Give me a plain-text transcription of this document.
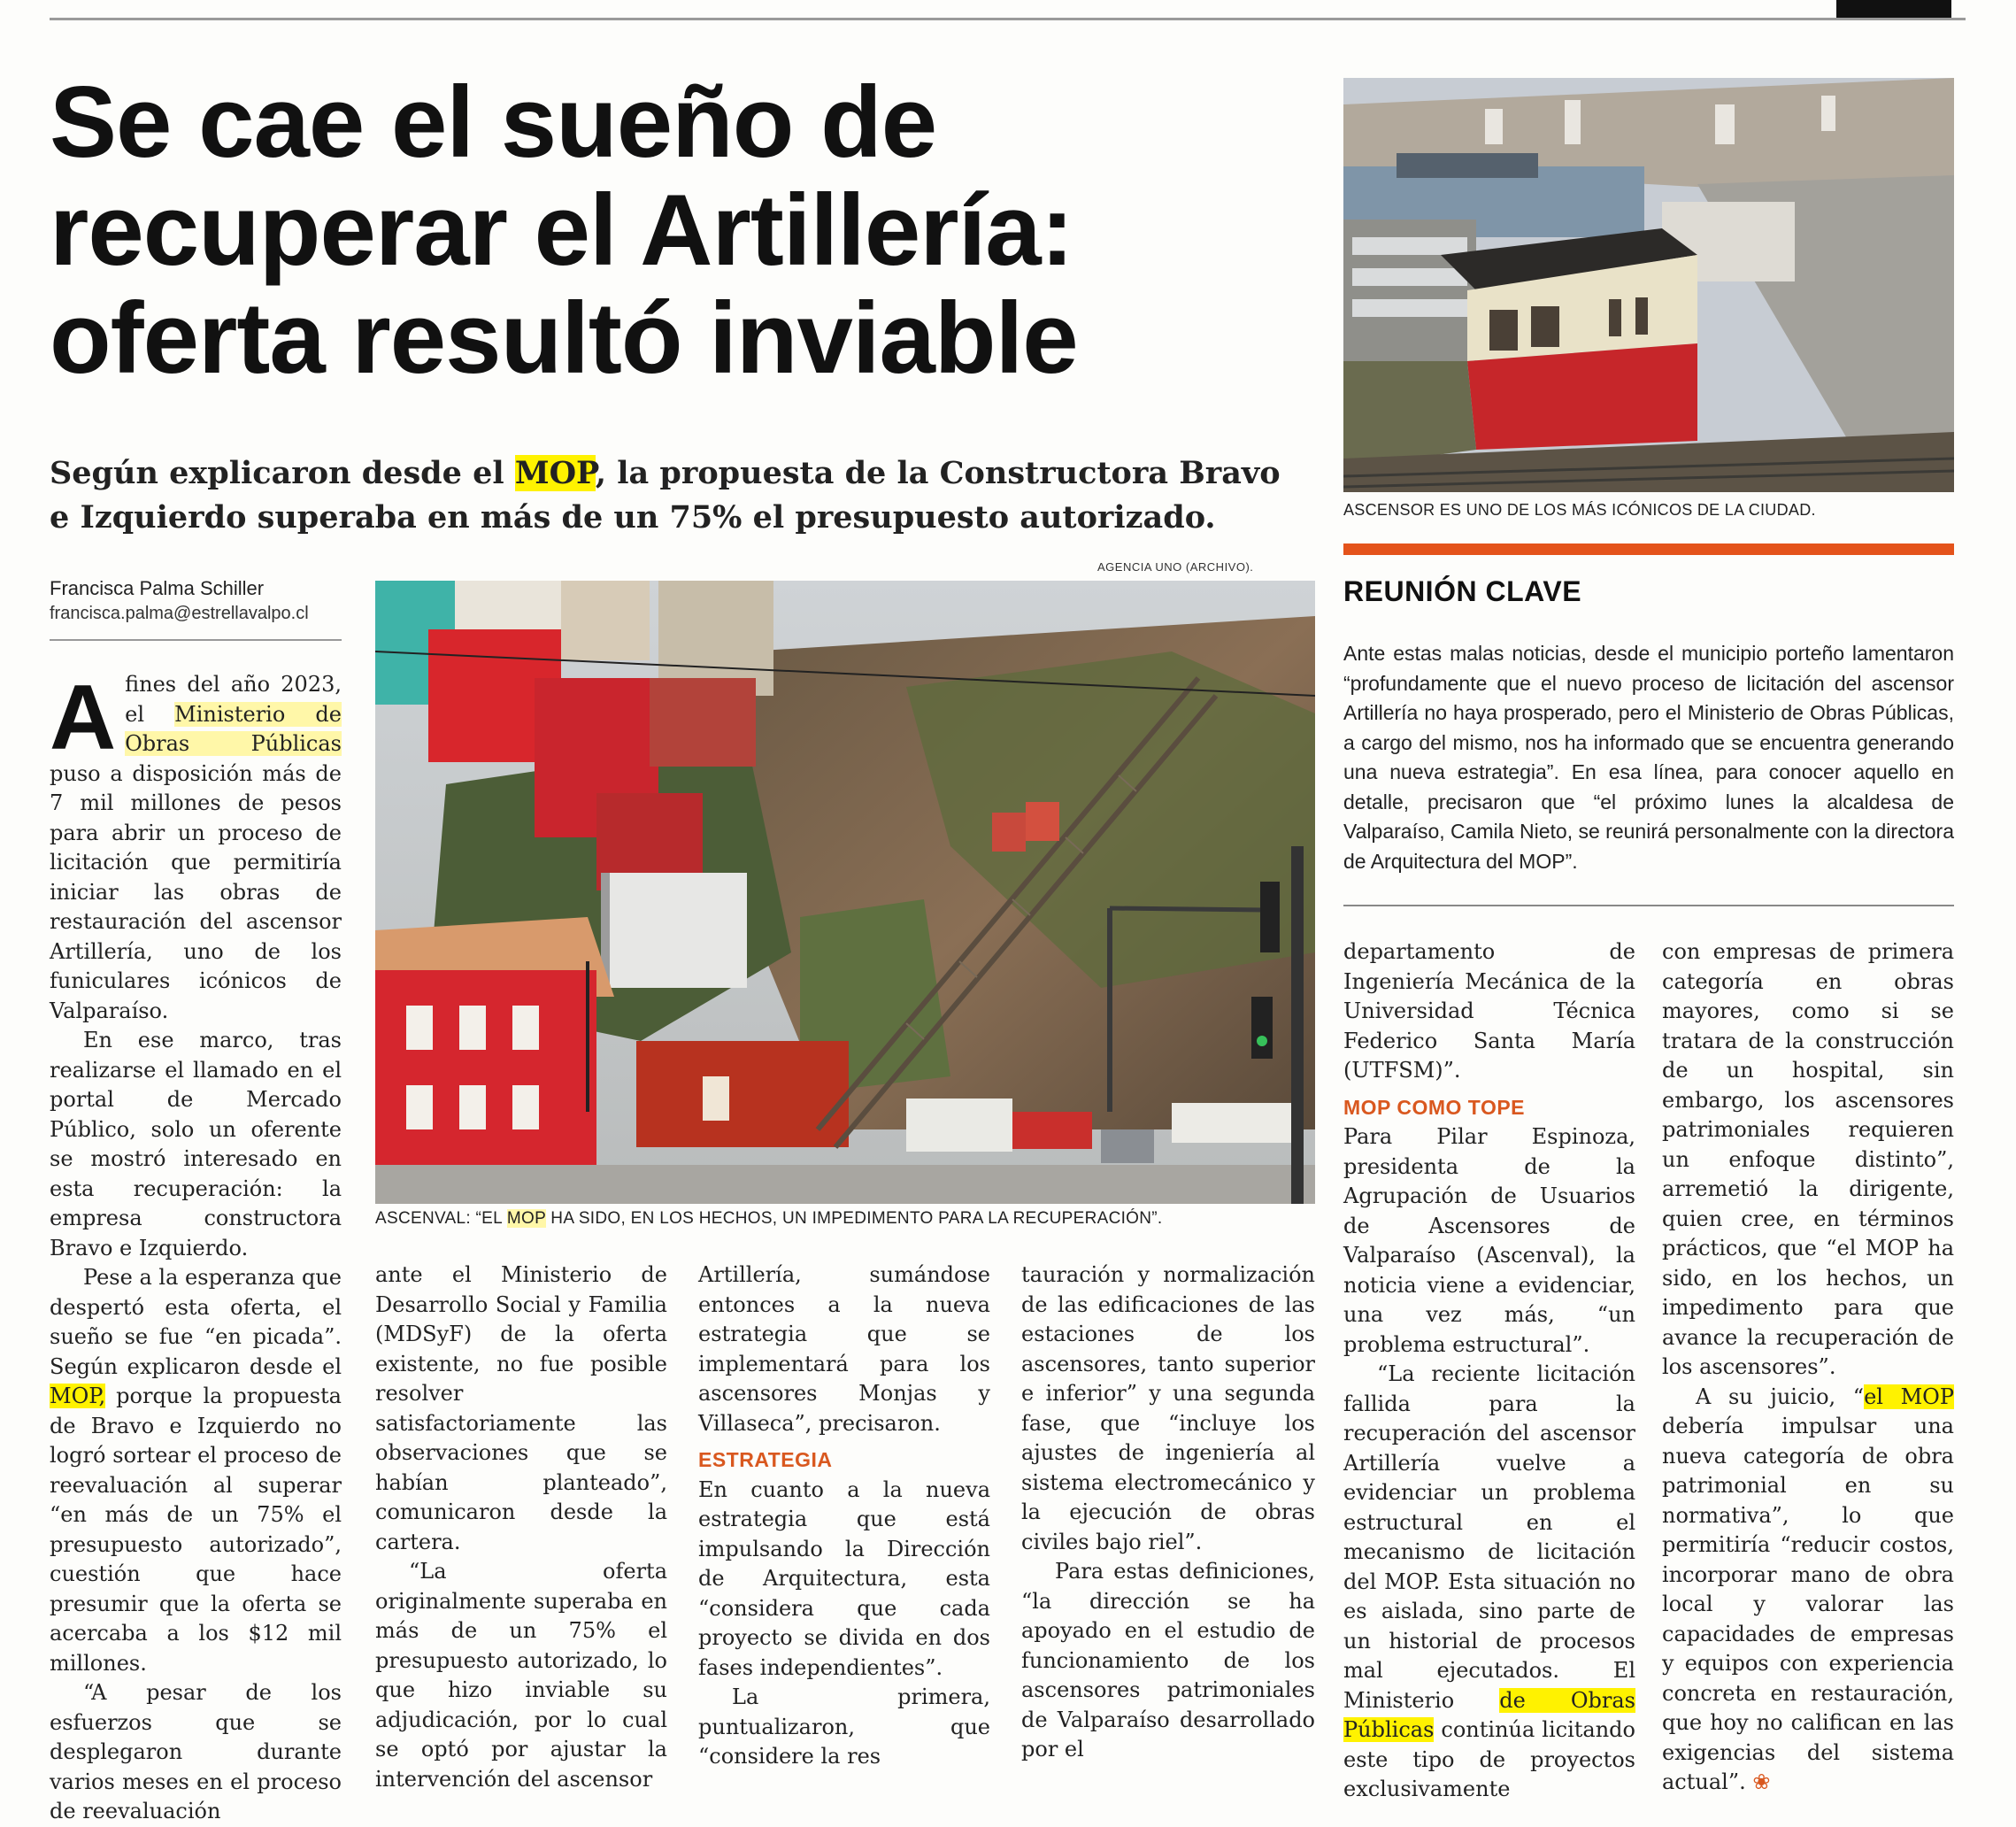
Se cae el sueño de
recuperar el Artillería:
oferta resultó inviable

Según explicaron desde el MOP, la propuesta de la Constructora Bravo e Izquierdo superaba en más de un 75% el presupuesto autorizado.

Francisca Palma Schiller
francisca.palma@estrellavalpo.cl
AGENCIA UNO (ARCHIVO).
ASCENVAL: “EL MOP HA SIDO, EN LOS HECHOS, UN IMPEDIMENTO PARA LA RECUPERACIÓN”.
ASCENSOR ES UNO DE LOS MÁS ICÓNICOS DE LA CIUDAD.
REUNIÓN CLAVE

Ante estas malas noticias, desde el municipio porteño lamentaron “profundamente que el nuevo proceso de licitación del ascensor Artillería no haya prosperado, pero el Ministerio de Obras Públicas, a cargo del mismo, nos ha informado que se encuentra generando una nueva estrategia”. En esa línea, para conocer aquello en detalle, precisaron que “el próximo lunes la alcaldesa de Valparaíso, Camila Nieto, se reunirá personalmente con la directora de Arquitectura del MOP”.

Afines del año 2023, el Ministerio de Obras Públicas puso a disposición más de 7 mil millones de pesos para abrir un proceso de licitación que permitiría iniciar las obras de restauración del ascensor Artillería, uno de los funiculares icónicos de Valparaíso.

En ese marco, tras realizarse el llamado en el portal de Mercado Público, solo un oferente se mostró interesado en esta recuperación: la empresa constructora Bravo e Izquierdo.

Pese a la esperanza que despertó esta oferta, el sueño se fue “en picada”. Según explicaron desde el MOP, porque la propuesta de Bravo e Izquierdo no logró sortear el proceso de reevaluación al superar “en más de un 75% el presupuesto autorizado”, cuestión que hace presumir que la oferta se acercaba a los $12 mil millones.

“A pesar de los esfuerzos que se desplegaron durante varios meses en el proceso de reevaluación

ante el Ministerio de Desarrollo Social y Familia (MDSyF) de la oferta existente, no fue posible resolver satisfactoriamente las observaciones que se habían planteado”, comunicaron desde la cartera.

“La oferta originalmente superaba en más de un 75% el presupuesto autorizado, lo que hizo inviable su adjudicación, por lo cual se optó por ajustar la intervención del ascensor

Artillería, sumándose entonces a la nueva estrategia que se implementará para los ascensores Monjas y Villaseca”, precisaron.

ESTRATEGIA

En cuanto a la nueva estrategia que está impulsando la Dirección de Arquitectura, esta “considera que cada proyecto se divida en dos fases independientes”.

La primera, puntualizaron, que “considere la res

tauración y normalización de las edificaciones de las estaciones de los ascensores, tanto superior e inferior” y una segunda fase, que “incluye los ajustes de ingeniería al sistema electromecánico y la ejecución de obras civiles bajo riel”.

Para estas definiciones, “la dirección se ha apoyado en el estudio de funcionamiento de los ascensores patrimoniales de Valparaíso desarrollado por el

departamento de Ingeniería Mecánica de la Universidad Técnica Federico Santa María (UTFSM)”.

MOP COMO TOPE

Para Pilar Espinoza, presidenta de la Agrupación de Usuarios de Ascensores de Valparaíso (Ascenval), la noticia viene a evidenciar, una vez más, “un problema estructural”.

“La reciente licitación fallida para la recuperación del ascensor Artillería vuelve a evidenciar un problema estructural en el mecanismo de licitación del MOP. Esta situación no es aislada, sino parte de un historial de procesos mal ejecutados. El Ministerio de Obras Públicas continúa licitando este tipo de proyectos exclusivamente

con empresas de primera categoría en obras mayores, como si se tratara de la construcción de un hospital, sin embargo, los ascensores patrimoniales requieren un enfoque distinto”, arremetió la dirigente, quien cree, en términos prácticos, que “el MOP ha sido, en los hechos, un impedimento para que avance la recuperación de los ascensores”.

A su juicio, “el MOP debería impulsar una nueva categoría de obra patrimonial en su normativa”, lo que permitiría “reducir costos, incorporar mano de obra local y valorar las capacidades de empresas y equipos con experiencia concreta en restauración, que hoy no califican en las exigencias del sistema actual”. ❀
